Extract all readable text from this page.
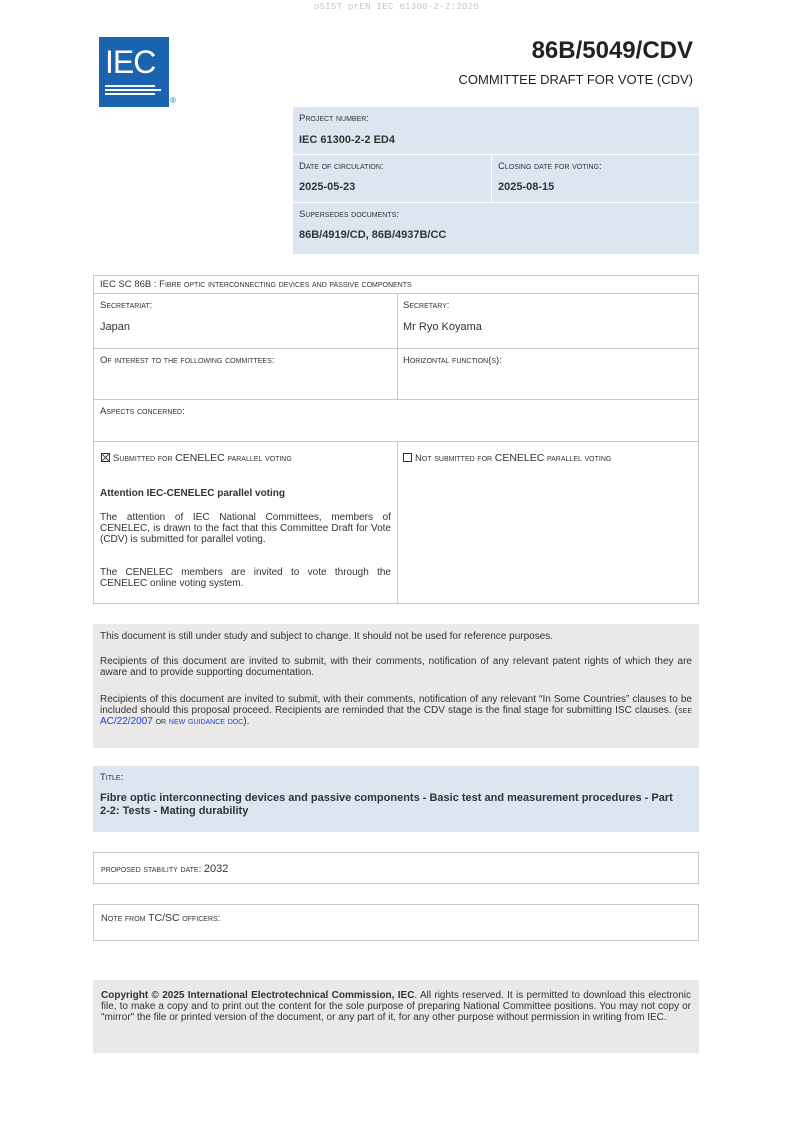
oSIST prEN IEC 61300-2-2:2025
IEC
®
86B/5049/CDV
COMMITTEE DRAFT FOR VOTE (CDV)
Project number:
IEC 61300-2-2 ED4
Date of circulation:
2025-05-23
Closing date for voting:
2025-08-15
Supersedes documents:
86B/4919/CD, 86B/4937B/CC
IEC SC 86B : Fibre optic interconnecting devices and passive components
Secretariat:
Japan
Secretary:
Mr Ryo Koyama
Of interest to the following committees:	Horizontal function(s):
Aspects concerned:
Submitted for CENELEC parallel voting	Not submitted for CENELEC parallel voting
Attention IEC-CENELEC parallel voting
The attention of IEC National Committees, members of CENELEC, is drawn to the fact that this Committee Draft for Vote (CDV) is submitted for parallel voting.
The CENELEC members are invited to vote through the CENELEC online voting system.
This document is still under study and subject to change. It should not be used for reference purposes.
Recipients of this document are invited to submit, with their comments, notification of any relevant patent rights of which they are aware and to provide supporting documentation.
Recipients of this document are invited to submit, with their comments, notification of any relevant “In Some Countries” clauses to be included should this proposal proceed. Recipients are reminded that the CDV stage is the final stage for submitting ISC clauses. (see AC/22/2007 or new guidance doc).
Title:
Fibre optic interconnecting devices and passive components - Basic test and measurement procedures - Part 2-2: Tests - Mating durability
proposed stability date: 2032
Note from TC/SC officers:
Copyright © 2025 International Electrotechnical Commission, IEC. All rights reserved. It is permitted to download this electronic file, to make a copy and to print out the content for the sole purpose of preparing National Committee positions. You may not copy or "mirror" the file or printed version of the document, or any part of it, for any other purpose without permission in writing from IEC.
